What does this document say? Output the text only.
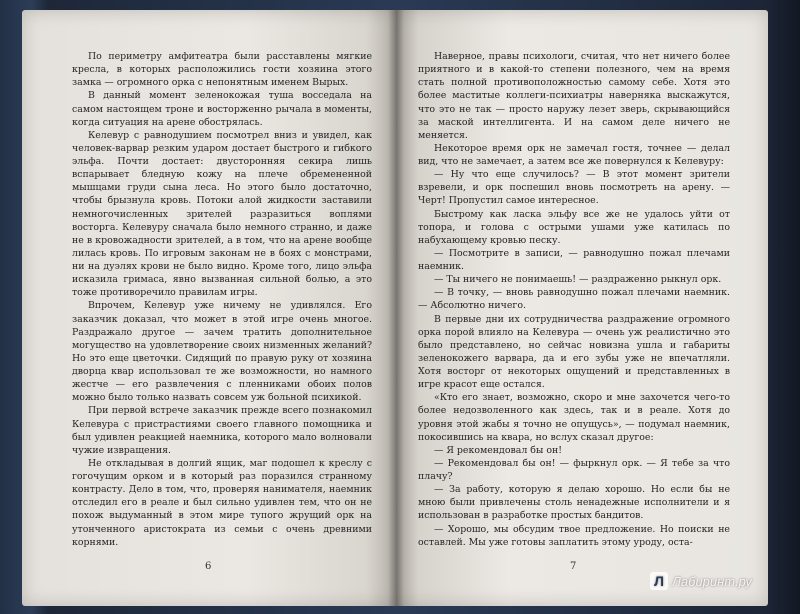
По периметру амфитеатра были расставлены мягкие кресла, в которых расположились гости хозяина этого замка — огромного орка с непонятным именем Вырых.

В данный момент зеленокожая туша восседала на самом настоящем троне и восторженно рычала в моменты, когда ситуация на арене обострялась.

Келевур с равнодушием посмотрел вниз и увидел, как человек-варвар резким ударом достает быстрого и гибкого эльфа. Почти достает: двусторонняя секира лишь вспарывает бледную кожу на плече обремененной мышцами груди сына леса. Но этого было достаточно, чтобы брызнула кровь. Потоки алой жидкости заставили немногочисленных зрителей разразиться воплями восторга. Келевуру сначала было немного странно, и даже не в кровожадности зрителей, а в том, что на арене вообще лилась кровь. По игровым законам не в боях с монстрами, ни на дуэлях крови не было видно. Кроме того, лицо эльфа исказила гримаса, явно вызванная сильной болью, а это тоже противоречило правилам игры.

Впрочем, Келевур уже ничему не удивлялся. Его заказчик доказал, что может в этой игре очень многое. Раздражало другое — зачем тратить дополнительное могущество на удовлетворение своих низменных желаний? Но это еще цветочки. Сидящий по правую руку от хозяина дворца квар использовал те же возможности, но намного жестче — его развлечения с пленниками обоих полов можно было только назвать совсем уж больной психикой.

При первой встрече заказчик прежде всего познакомил Келевура с пристрастиями своего главного помощника и был удивлен реакцией наемника, которого мало волновали чужие извращения.

Не откладывая в долгий ящик, маг подошел к креслу с гогочущим орком и в который раз поразился странному контрасту. Дело в том, что, проверяя нанимателя, наемник отследил его в реале и был сильно удивлен тем, что он не похож выдуманный в этом мире тупого жрущий орк на утонченного аристократа из семьи с очень древними корнями.

6

Наверное, правы психологи, считая, что нет ничего более приятного и в какой-то степени полезного, чем на время стать полной противоположностью самому себе. Хотя это более маститые коллеги-психиатры наверняка выскажутся, что это не так — просто наружу лезет зверь, скрывающийся за маской интеллигента. И на самом деле ничего не меняется.

Некоторое время орк не замечал гостя, точнее — делал вид, что не замечает, а затем все же повернулся к Келевуру:

— Ну что еще случилось? — В этот момент зрители взревели, и орк поспешил вновь посмотреть на арену. — Черт! Пропустил самое интересное.

Быстрому как ласка эльфу все же не удалось уйти от топора, и голова с острыми ушами уже катилась по набухающему кровью песку.

— Посмотрите в записи, — равнодушно пожал плечами наемник.

— Ты ничего не понимаешь! — раздраженно рыкнул орк.

— В точку, — вновь равнодушно пожал плечами наемник. — Абсолютно ничего.

В первые дни их сотрудничества раздражение огромного орка порой влияло на Келевура — очень уж реалистично это было представлено, но сейчас новизна ушла и габариты зеленокожего варвара, да и его зубы уже не впечатляли. Хотя восторг от некоторых ощущений и представленных в игре красот еще остался.

«Кто его знает, возможно, скоро и мне захочется чего-то более недозволенного как здесь, так и в реале. Хотя до уровня этой жабы я точно не опущусь», — подумал наемник, покосившись на квара, но вслух сказал другое:

— Я рекомендовал бы он!

— Рекомендовал бы он! — фыркнул орк. — Я тебе за что плачу?

— За работу, которую я делаю хорошо. Но если бы не мною были привлечены столь ненадежные исполнители и я использован в разработке простых бандитов.

— Хорошо, мы обсудим твое предложение. Но поиски не оставлей. Мы уже готовы заплатить этому уроду, оста-

7
Л Лабиринт.ру
